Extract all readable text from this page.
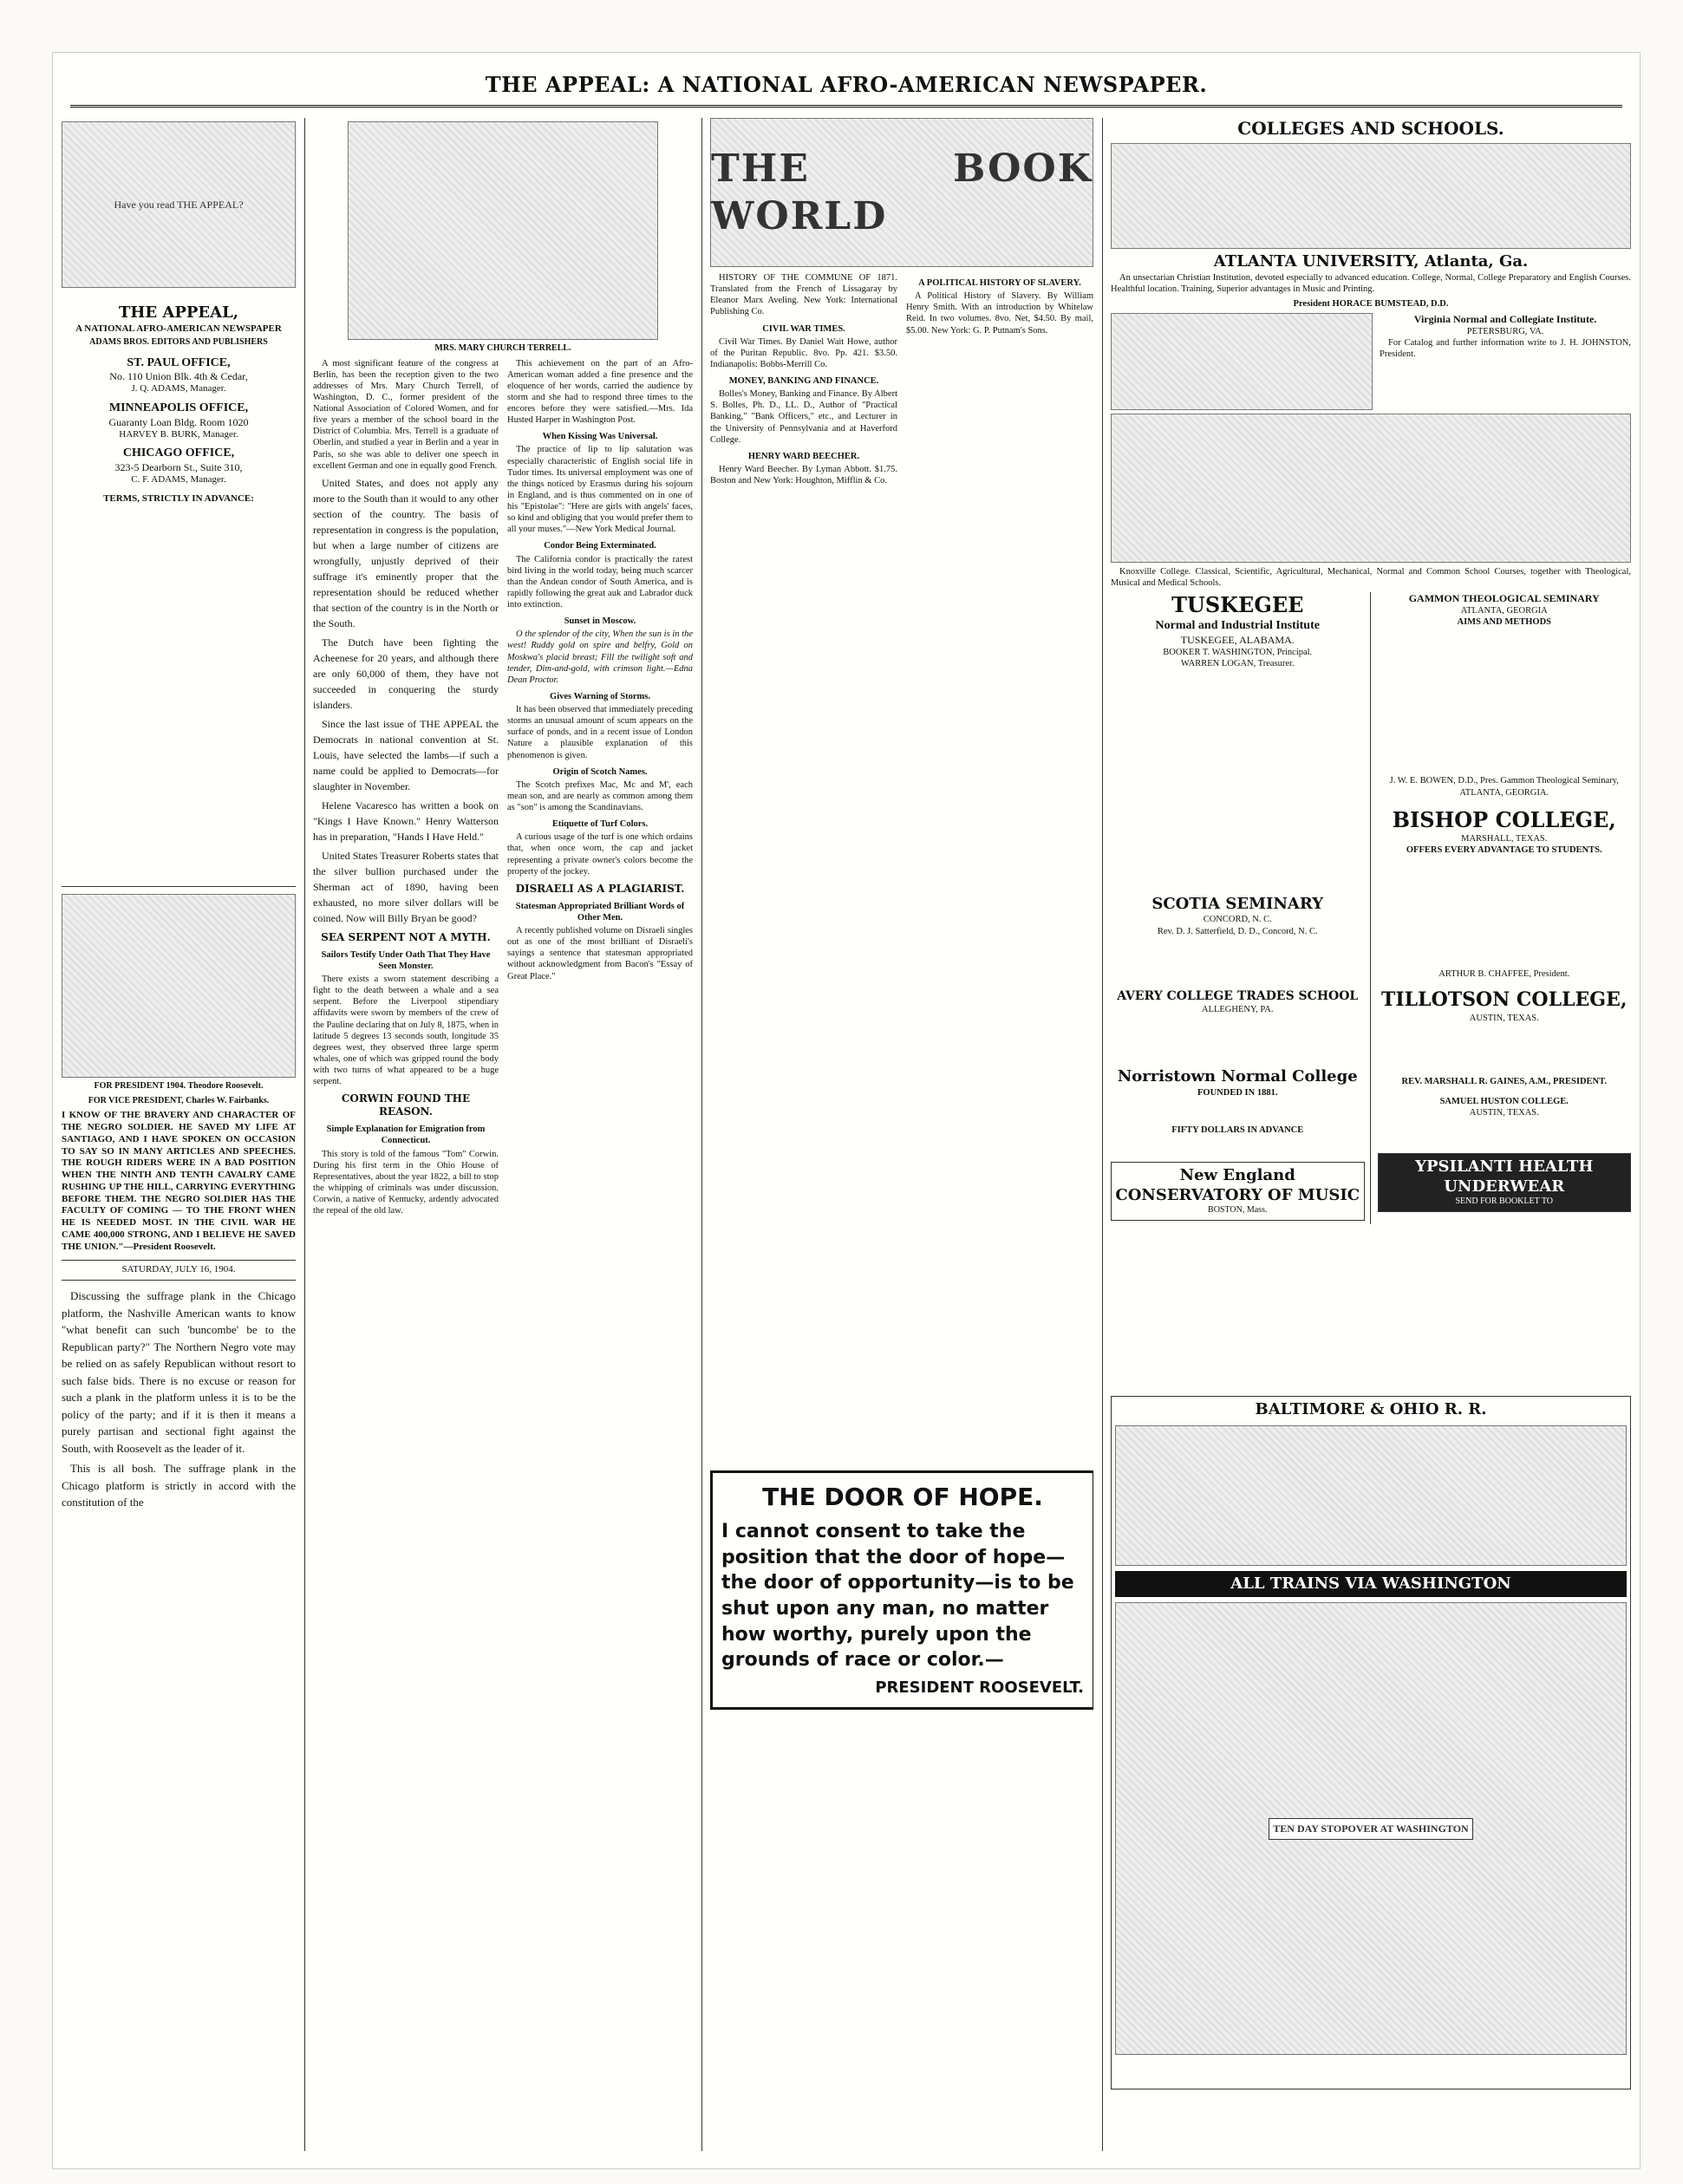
THE APPEAL: A NATIONAL AFRO-AMERICAN NEWSPAPER.
Have you read THE APPEAL?
THE APPEAL,
A NATIONAL AFRO-AMERICAN NEWSPAPER
ADAMS BROS. EDITORS AND PUBLISHERS
ST. PAUL OFFICE,
No. 110 Union Blk. 4th & Cedar,
J. Q. ADAMS, Manager.
MINNEAPOLIS OFFICE,
Guaranty Loan Bldg. Room 1020
HARVEY B. BURK, Manager.
CHICAGO OFFICE,
323-5 Dearborn St., Suite 310,
C. F. ADAMS, Manager.
TERMS, STRICTLY IN ADVANCE:
FOR PRESIDENT 1904. Theodore Roosevelt.
FOR VICE PRESIDENT, Charles W. Fairbanks.

I KNOW OF THE BRAVERY AND CHARACTER OF THE NEGRO SOLDIER. HE SAVED MY LIFE AT SANTIAGO, AND I HAVE SPOKEN ON OCCASION TO SAY SO IN MANY ARTICLES AND SPEECHES. THE ROUGH RIDERS WERE IN A BAD POSITION WHEN THE NINTH AND TENTH CAVALRY CAME RUSHING UP THE HILL, CARRYING EVERYTHING BEFORE THEM. THE NEGRO SOLDIER HAS THE FACULTY OF COMING — TO THE FRONT WHEN HE IS NEEDED MOST. IN THE CIVIL WAR HE CAME 400,000 STRONG, AND I BELIEVE HE SAVED THE UNION."—President Roosevelt.

SATURDAY, JULY 16, 1904.

Discussing the suffrage plank in the Chicago platform, the Nashville American wants to know "what benefit can such 'buncombe' be to the Republican party?" The Northern Negro vote may be relied on as safely Republican without resort to such false bids. There is no excuse or reason for such a plank in the platform unless it is to be the policy of the party; and if it is then it means a purely partisan and sectional fight against the South, with Roosevelt as the leader of it.

This is all bosh. The suffrage plank in the Chicago platform is strictly in accord with the constitution of the

MRS. MARY CHURCH TERRELL.

A most significant feature of the congress at Berlin, has been the reception given to the two addresses of Mrs. Mary Church Terrell, of Washington, D. C., former president of the National Association of Colored Women, and for five years a member of the school board in the District of Columbia. Mrs. Terrell is a graduate of Oberlin, and studied a year in Berlin and a year in Paris, so she was able to deliver one speech in excellent German and one in equally good French.

United States, and does not apply any more to the South than it would to any other section of the country. The basis of representation in congress is the population, but when a large number of citizens are wrongfully, unjustly deprived of their suffrage it's eminently proper that the representation should be reduced whether that section of the country is in the North or the South.

The Dutch have been fighting the Acheenese for 20 years, and although there are only 60,000 of them, they have not succeeded in conquering the sturdy islanders.

Since the last issue of THE APPEAL the Democrats in national convention at St. Louis, have selected the lambs—if such a name could be applied to Democrats—for slaughter in November.

Helene Vacaresco has written a book on "Kings I Have Known." Henry Watterson has in preparation, "Hands I Have Held."

United States Treasurer Roberts states that the silver bullion purchased under the Sherman act of 1890, having been exhausted, no more silver dollars will be coined. Now will Billy Bryan be good?

SEA SERPENT NOT A MYTH.
Sailors Testify Under Oath That They Have Seen Monster.

There exists a sworn statement describing a fight to the death between a whale and a sea serpent. Before the Liverpool stipendiary affidavits were sworn by members of the crew of the Pauline declaring that on July 8, 1875, when in latitude 5 degrees 13 seconds south, longitude 35 degrees west, they observed three large sperm whales, one of which was gripped round the body with two turns of what appeared to be a huge serpent.

CORWIN FOUND THE REASON.
Simple Explanation for Emigration from Connecticut.

This story is told of the famous "Tom" Corwin. During his first term in the Ohio House of Representatives, about the year 1822, a bill to stop the whipping of criminals was under discussion. Corwin, a native of Kentucky, ardently advocated the repeal of the old law.

This achievement on the part of an Afro-American woman added a fine presence and the eloquence of her words, carried the audience by storm and she had to respond three times to the encores before they were satisfied.—Mrs. Ida Husted Harper in Washington Post.

When Kissing Was Universal.

The practice of lip to lip salutation was especially characteristic of English social life in Tudor times. Its universal employment was one of the things noticed by Erasmus during his sojourn in England, and is thus commented on in one of his "Epistolae": "Here are girls with angels' faces, so kind and obliging that you would prefer them to all your muses."—New York Medical Journal.

Condor Being Exterminated.

The California condor is practically the rarest bird living in the world today, being much scarcer than the Andean condor of South America, and is rapidly following the great auk and Labrador duck into extinction.

Sunset in Moscow.

O the splendor of the city, When the sun is in the west! Ruddy gold on spire and belfry, Gold on Moskwa's placid breast; Fill the twilight soft and tender, Dim-and-gold, with crimson light.—Edna Dean Proctor.

Gives Warning of Storms.

It has been observed that immediately preceding storms an unusual amount of scum appears on the surface of ponds, and in a recent issue of London Nature a plausible explanation of this phenomenon is given.

Origin of Scotch Names.

The Scotch prefixes Mac, Mc and M', each mean son, and are nearly as common among them as "son" is among the Scandinavians.

Etiquette of Turf Colors.

A curious usage of the turf is one which ordains that, when once worn, the cap and jacket representing a private owner's colors become the property of the jockey.

DISRAELI AS A PLAGIARIST.
Statesman Appropriated Brilliant Words of Other Men.

A recently published volume on Disraeli singles out as one of the most brilliant of Disraeli's sayings a sentence that statesman appropriated without acknowledgment from Bacon's "Essay of Great Place."

THE BOOK WORLD

HISTORY OF THE COMMUNE OF 1871. Translated from the French of Lissagaray by Eleanor Marx Aveling. New York: International Publishing Co.

CIVIL WAR TIMES.

Civil War Times. By Daniel Wait Howe, author of the Puritan Republic. 8vo. Pp. 421. $3.50. Indianapolis: Bobbs-Merrill Co.

MONEY, BANKING AND FINANCE.

Bolles's Money, Banking and Finance. By Albert S. Bolles, Ph. D., LL. D., Author of "Practical Banking," "Bank Officers," etc., and Lecturer in the University of Pennsylvania and at Haverford College.

HENRY WARD BEECHER.

Henry Ward Beecher. By Lyman Abbott. $1.75. Boston and New York: Houghton, Mifflin & Co.

A POLITICAL HISTORY OF SLAVERY.

A Political History of Slavery. By William Henry Smith. With an introduction by Whitelaw Reid. In two volumes. 8vo. Net, $4.50. By mail, $5.00. New York: G. P. Putnam's Sons.

THE DOOR OF HOPE.
I cannot consent to take the position that the door of hope—the door of opportunity—is to be shut upon any man, no matter how worthy, purely upon the grounds of race or color.—
PRESIDENT ROOSEVELT.
COLLEGES AND SCHOOLS.
ATLANTA UNIVERSITY, Atlanta, Ga.

An unsectarian Christian Institution, devoted especially to advanced education. College, Normal, College Preparatory and English Courses. Healthful location. Training, Superior advantages in Music and Printing.

President HORACE BUMSTEAD, D.D.
Virginia Normal and Collegiate Institute.
PETERSBURG, VA.

For Catalog and further information write to J. H. JOHNSTON, President.

Knoxville College. Classical, Scientific, Agricultural, Mechanical, Normal and Common School Courses, together with Theological, Musical and Medical Schools.

TUSKEGEE
Normal and Industrial Institute
TUSKEGEE, ALABAMA.
BOOKER T. WASHINGTON, Principal.
WARREN LOGAN, Treasurer.
SCOTIA SEMINARY
CONCORD, N. C.
Rev. D. J. Satterfield, D. D., Concord, N. C.
AVERY COLLEGE TRADES SCHOOL
ALLEGHENY, PA.
Norristown Normal College
FOUNDED IN 1881.
FIFTY DOLLARS IN ADVANCE
New England CONSERVATORY OF MUSIC
BOSTON, Mass.
GAMMON THEOLOGICAL SEMINARY
ATLANTA, GEORGIA
AIMS AND METHODS
J. W. E. BOWEN, D.D., Pres. Gammon Theological Seminary, ATLANTA, GEORGIA.
BISHOP COLLEGE,
MARSHALL, TEXAS.
OFFERS EVERY ADVANTAGE TO STUDENTS.
ARTHUR B. CHAFFEE, President.
TILLOTSON COLLEGE,
AUSTIN, TEXAS.
REV. MARSHALL R. GAINES, A.M., PRESIDENT.
SAMUEL HUSTON COLLEGE.
AUSTIN, TEXAS.
YPSILANTI HEALTH UNDERWEAR
SEND FOR BOOKLET TO
BALTIMORE & OHIO R. R.
ALL TRAINS VIA WASHINGTON
TEN DAY STOPOVER AT WASHINGTON
